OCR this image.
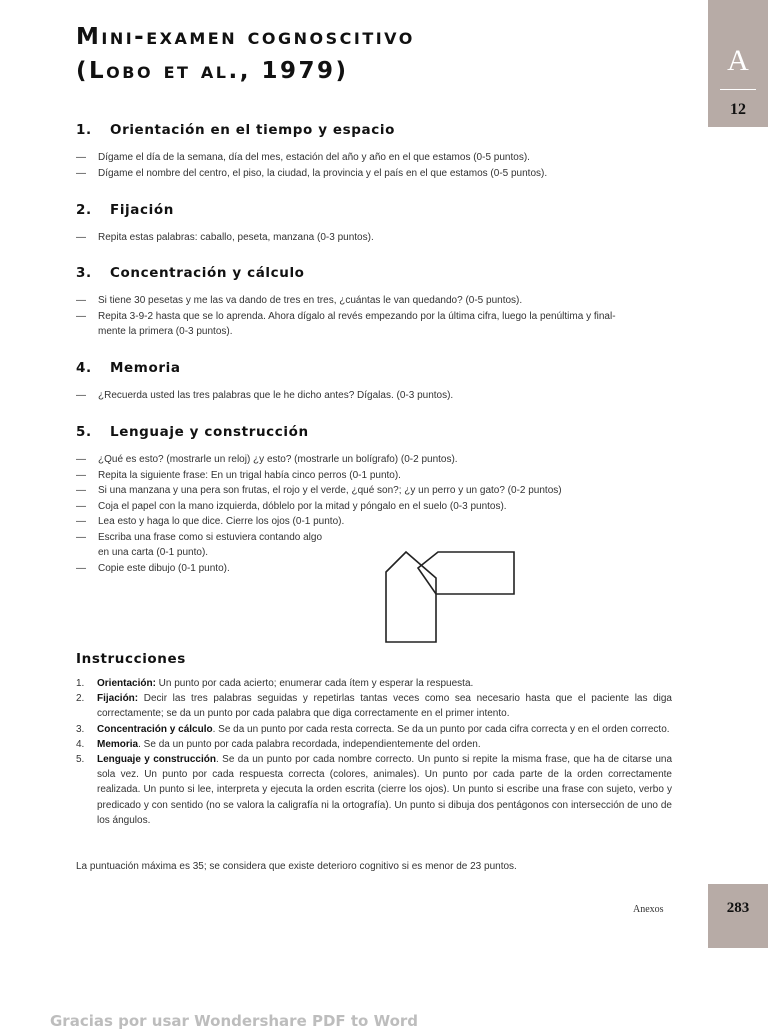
Mini-examen cognoscitivo
(Lobo et al., 1979)
1.	Orientación en el tiempo y espacio
— Dígame el día de la semana, día del mes, estación del año y año en el que estamos (0-5 puntos).
— Dígame el nombre del centro, el piso, la ciudad, la provincia y el país en el que estamos (0-5 puntos).
2.	Fijación
— Repita estas palabras: caballo, peseta, manzana (0-3 puntos).
3.	Concentración y cálculo
— Si tiene 30 pesetas y me las va dando de tres en tres, ¿cuántas le van quedando? (0-5 puntos).
— Repita 3-9-2 hasta que se lo aprenda. Ahora dígalo al revés empezando por la última cifra, luego la penúltima y final-
mente la primera (0-3 puntos).
4.	Memoria
— ¿Recuerda usted las tres palabras que le he dicho antes? Dígalas. (0-3 puntos).
5.	Lenguaje y construcción
— ¿Qué es esto? (mostrarle un reloj) ¿y esto? (mostrarle un bolígrafo) (0-2 puntos).
— Repita la siguiente frase: En un trigal había cinco perros (0-1 punto).
— Si una manzana y una pera son frutas, el rojo y el verde, ¿qué son?; ¿y un perro y un gato? (0-2 puntos)
— Coja el papel con la mano izquierda, dóblelo por la mitad y póngalo en el suelo (0-3 puntos).
— Lea esto y haga lo que dice. Cierre los ojos (0-1 punto).
— Escriba una frase como si estuviera contando algo
en una carta (0-1 punto).
— Copie este dibujo (0-1 punto).
Instrucciones
1. Orientación: Un punto por cada acierto; enumerar cada ítem y esperar la respuesta.
2. Fijación: Decir las tres palabras seguidas y repetirlas tantas veces como sea necesario hasta que el paciente las diga correctamente; se da un punto por cada palabra que diga correctamente en el primer intento.
3. Concentración y cálculo. Se da un punto por cada resta correcta. Se da un punto por cada cifra correcta y en el orden correcto.
4. Memoria. Se da un punto por cada palabra recordada, independientemente del orden.
5. Lenguaje y construcción. Se da un punto por cada nombre correcto. Un punto si repite la misma frase, que ha de citarse una sola vez. Un punto por cada respuesta correcta (colores, animales). Un punto por cada parte de la orden correctamente realizada. Un punto si lee, interpreta y ejecuta la orden escrita (cierre los ojos). Un punto si escribe una frase con sujeto, verbo y predicado y con sentido (no se valora la caligrafía ni la ortografía). Un punto si dibuja dos pentágonos con intersección de uno de los ángulos.

La puntuación máxima es 35; se considera que existe deterioro cognitivo si es menor de 23 puntos.

Anexos
A
12
283
Gracias por usar Wondershare PDF to Word
